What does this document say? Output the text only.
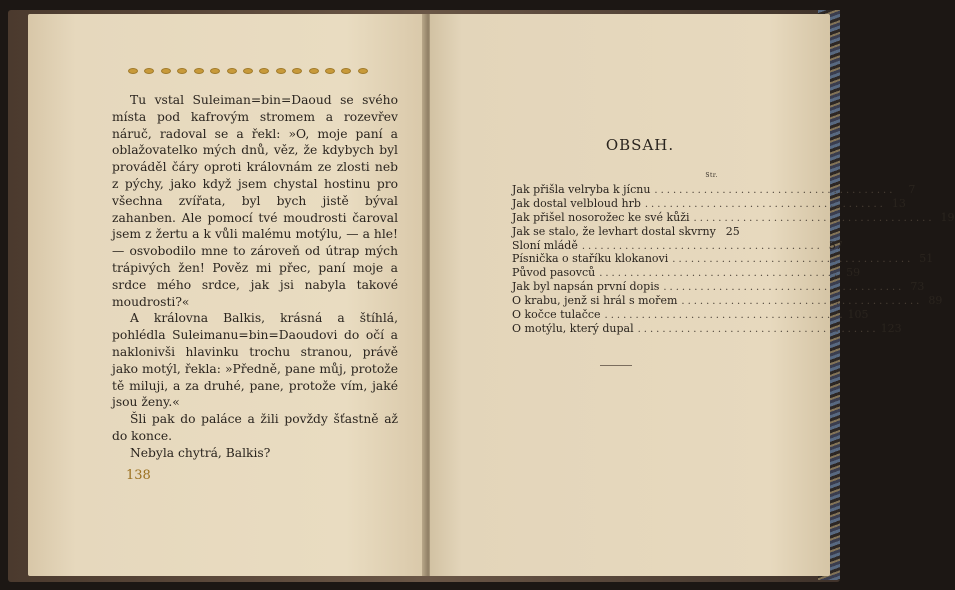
Tu vstal Suleiman=bin=Daoud se svého místa pod kafrovým stromem a rozevřev náruč, radoval se a řekl: »O, moje paní a oblažovatelko mých dnů, věz, že kdybych byl prováděl čáry oproti královnám ze zlosti neb z pýchy, jako když jsem chystal hostinu pro všechna zvířata, byl bych jistě býval zahanben. Ale pomocí tvé moudrosti čaroval jsem z žertu a k vůli malému motýlu, — a hle! — osvobodilo mne to zároveň od útrap mých trápivých žen! Pověz mi přec, paní moje a srdce mého srdce, jak jsi nabyla takové moudrosti?«

A královna Balkis, krásná a štíhlá, pohlédla Suleimanu=bin=Daoudovi do očí a naklonivši hlavinku trochu stranou, právě jako motýl, řekla: »Předně, pane můj, protože tě miluji, a za druhé, pane, protože vím, jaké jsou ženy.«

Šli pak do paláce a žili povždy šťastně až do konce.

Nebyla chytrá, Balkis?

138
OBSAH.
Str.
Jak přišla velryba k jícnu .......................................	7
Jak dostal velbloud hrb ....................................... 13
Jak přišel nosorožec ke své kůži ....................................... 19
Jak se stalo, že levhart dostal skvrny 25
Sloní mládě ....................................... 37
Písnička o staříku klokanovi ....................................... 51
Původ pasovců ....................................... 59
Jak byl napsán první dopis ....................................... 73
O krabu, jenž si hrál s mořem ....................................... 89
O kočce tulačce ....................................... 105
O motýlu, který dupal ....................................... 123
